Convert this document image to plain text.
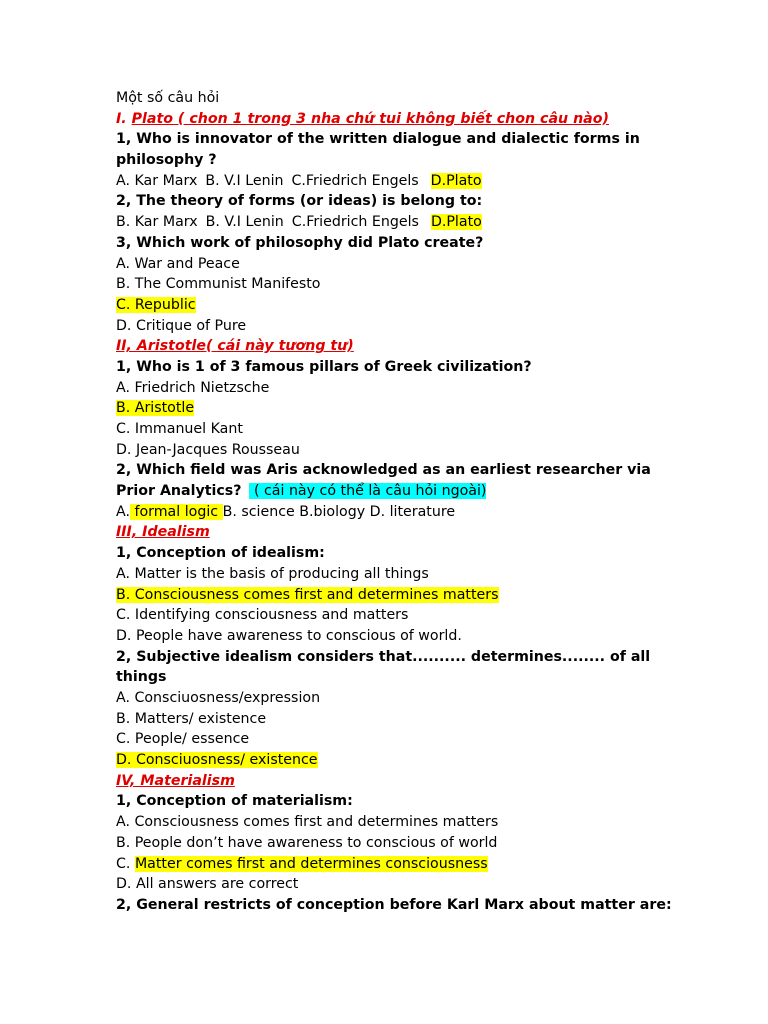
Một số câu hỏi
I. Plato ( chon 1 trong 3 nha chứ tui không biết chon câu nào)
1, Who is innovator of the written dialogue and dialectic forms in philosophy ?
A. Kar Marx B. V.I Lenin C.Friedrich Engels D.Plato
2, The theory of forms (or ideas) is belong to:
B. Kar Marx B. V.I Lenin C.Friedrich Engels D.Plato
3, Which work of philosophy did Plato create?
A. War and Peace
B. The Communist Manifesto
C. Republic
D. Critique of Pure
II, Aristotle( cái này tương tư)
1, Who is 1 of 3 famous pillars of Greek civilization?
A. Friedrich Nietzsche
B. Aristotle
C. Immanuel Kant
D. Jean-Jacques Rousseau
2, Which field was Aris acknowledged as an earliest researcher via
Prior Analytics? ( cái này có thể là câu hỏi ngoài)
A. formal logic B. science B.biology D. literature
III, Idealism
1, Conception of idealism:
A. Matter is the basis of producing all things
B. Consciousness comes first and determines matters
C. Identifying consciousness and matters
D. People have awareness to conscious of world.
2, Subjective idealism considers that.......... determines........ of all things
A. Consciuosness/expression
B. Matters/ existence
C. People/ essence
D. Consciuosness/ existence
IV, Materialism
1, Conception of materialism:
A. Consciousness comes first and determines matters
B. People don’t have awareness to conscious of world
C. Matter comes first and determines consciousness
D. All answers are correct
2, General restricts of conception before Karl Marx about matter are:
